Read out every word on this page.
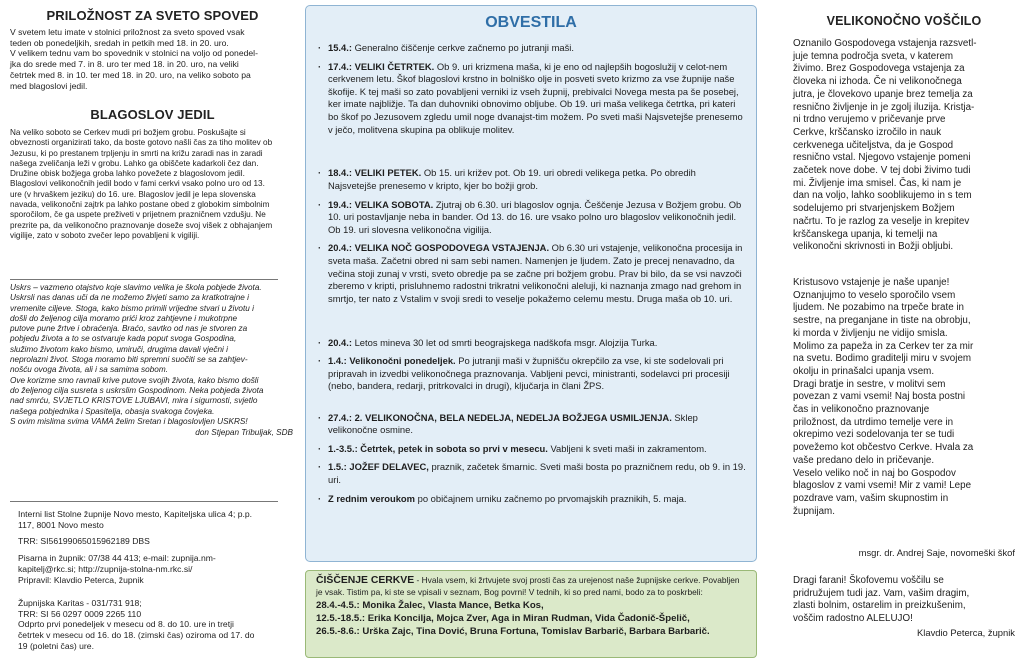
PRILOŽNOST ZA SVETO SPOVED

V svetem letu imate v stolnici priložnost za sveto spoved vsak

teden ob ponedeljkih, sredah in petkih med 18. in 20. uro.

V velikem tednu vam bo spovednik v stolnici na voljo od ponedel-

jka do srede med 7. in 8. uro ter med 18. in 20. uro, na veliki

četrtek med 8. in 10. ter med 18. in 20. uro, na veliko soboto pa

med blagoslovi jedil.

BLAGOSLOV JEDIL

Na veliko soboto se Cerkev mudi pri božjem grobu. Poskušajte si

obveznosti organizirati tako, da boste gotovo našli čas za tiho molitev ob

Jezusu, ki po prestanem trpljenju in smrti na križu zaradi nas in zaradi

našega zveličanja leži v grobu. Lahko ga obiščete kadarkoli čez dan.

Družine obisk božjega groba lahko povežete z blagoslovom jedil.

Blagoslovi velikonočnih jedil bodo v fami cerkvi vsako polno uro od 13.

ure (v hrvaškem jeziku) do 16. ure. Blagoslov jedil je lepa slovenska

navada, velikonočni zajtrk pa lahko postane obed z globokim simbolnim

sporočilom, če ga uspete preživeti v prijetnem prazničnem vzdušju. Ne

prezrite pa, da velikonočno praznovanje doseže svoj višek z obhajanjem

vigilije, zato v soboto zvečer lepo povabljeni k vigiliji.

Uskrs – vazmeno otajstvo koje slavimo velika je škola pobjede života.

Uskrsli nas danas uči da ne možemo živjeti samo za kratkotrajne i

vremenite ciljeve. Stoga, kako bismo primili vrijedne stvari u životu i

došli do željenog cilja moramo prići kroz zahtjevne i mukotrpne

putove pune žrtve i obraćenja. Braćo, savtko od nas je stvoren za

pobjedu života a to se ostvaruje kada poput svoga Gospodina,

služimo životom kako bismo, umiruči, drugima davali vječni i

neprolazni život. Stoga moramo biti spremni suočiti se sa zahtjev-

nošću ovoga života, ali i sa samima sobom.

Ove korizme smo ravnali krive putove svojih života, kako bismo došli

do željenog cilja susreta s uskrslim Gospodinom. Neka pobjeda života

nad smrću, SVJETLO KRISTOVE LJUBAVI, mira i sigurnosti, svjetlo

našega pobjednika i Spasitelja, obasja svakoga čovjeka.

S ovim mislima svima VAMA želim Sretan i blagoslovljen USKRS!

don Stjepan Tribuljak, SDB

Interni list Stolne župnije Novo mesto, Kapiteljska ulica 4; p.p.

117, 8001 Novo mesto

TRR: SI56199065015962189 DBS

Pisarna in župnik: 07/38 44 413; e-mail: zupnija.nm-

kapitelj@rkc.si; http://zupnija-stolna-nm.rkc.si/

Pripravil: Klavdio Peterca, župnik

Župnijska Karitas - 031/731 918;

TRR: SI 56 0297 0009 2265 110

Odprto prvi ponedeljek v mesecu od 8. do 10. ure in tretji

četrtek v mesecu od 16. do 18. (zimski čas) oziroma od 17. do

19 (poletni čas) ure.

OBVESTILA
· 15.4.: Generalno čiščenje cerkve začnemo po jutranji maši.
· 17.4.: VELIKI ČETRTEK. Ob 9. uri krizmena maša, ki je eno od najlepših bogoslužij v celot-nem cerkvenem letu. Škof blagoslovi krstno in bolniško olje in posveti sveto krizmo za vse župnije naše škofije. K tej maši so zato povabljeni verniki iz vseh župnij, prebivalci Novega mesta pa še posebej, ker imate najbližje. Ta dan duhovniki obnovimo obljube. Ob 19. uri maša velikega četrtka, pri kateri bo škof po Jezusovem zgledu umil noge dvanajst-tim možem. Po sveti maši Najsvetejše prenesemo v ječo, molitvena skupina pa oblikuje molitev.
· 18.4.: VELIKI PETEK. Ob 15. uri križev pot. Ob 19. uri obredi velikega petka. Po obredih Najsvetejše prenesemo v kripto, kjer bo božji grob.
· 19.4.: VELIKA SOBOTA. Zjutraj ob 6.30. uri blagoslov ognja. Češčenje Jezusa v Božjem grobu. Ob 10. uri postavljanje neba in bander. Od 13. do 16. ure vsako polno uro blagoslov velikonočnih jedil. Ob 19. uri slovesna velikonočna vigilija.
· 20.4.: VELIKA NOČ GOSPODOVEGA VSTAJENJA. Ob 6.30 uri vstajenje, velikonočna procesija in sveta maša. Začetni obred ni sam sebi namen. Namenjen je ljudem. Zato je precej nenavadno, da večina stoji zunaj v vrsti, sveto obredje pa se začne pri božjem grobu. Prav bi bilo, da se vsi navzoči zberemo v kripti, prisluhnemo radostni trikratni velikonočni aleluji, ki naznanja zmago nad grehom in smrtjo, ter nato z Vstalim v svoji sredi to veselje pokažemo celemu mestu. Druga maša ob 10. uri.
· 20.4.: Letos mineva 30 let od smrti beograjskega nadškofa msgr. Alojzija Turka.
· 1.4.: Velikonočni ponedeljek. Po jutranji maši v župnišču okrepčilo za vse, ki ste sodelovali pri pripravah in izvedbi velikonočnega praznovanja. Vabljeni pevci, ministranti, sodelavci pri procesiji (nebo, bandera, redarji, pritrkovalci in drugi), ključarja in člani ŽPS.
· 27.4.: 2. VELIKONOČNA, BELA NEDELJA, NEDELJA BOŽJEGA USMILJENJA. Sklep velikonočne osmine.
· 1.-3.5.: Četrtek, petek in sobota so prvi v mesecu. Vabljeni k sveti maši in zakramentom.
· 1.5.: JOŽEF DELAVEC, praznik, začetek šmarnic. Sveti maši bosta po prazničnem redu, ob 9. in 19. uri.
· Z rednim veroukom po običajnem urniku začnemo po prvomajskih praznikih, 5. maja.

ČIŠČENJE CERKVE - Hvala vsem, ki žrtvujete svoj prosti čas za urejenost naše župnijske cerkve. Povabljen je vsak. Tistim pa, ki ste se vpisali v seznam, Bog povrni! V tednih, ki so pred nami, bodo za to poskrbeli:

28.4.-4.5.: Monika Žalec, Vlasta Mance, Betka Kos,
12.5.-18.5.: Erika Koncilja, Mojca Zver, Aga in Miran Rudman, Vida Čadonič-Špelič,
26.5.-8.6.: Urška Zajc, Tina Dović, Bruna Fortuna, Tomislav Barbarič, Barbara Barbarič.
VELIKONOČNO VOŠČILO

Oznanilo Gospodovega vstajenja razsvetl-

juje temna področja sveta, v katerem

živimo. Brez Gospodovega vstajenja za

človeka ni izhoda. Če ni velikonočnega

jutra, je človekovo upanje brez temelja za

resnično življenje in je zgolj iluzija. Kristja-

ni trdno verujemo v pričevanje prve

Cerkve, krščansko izročilo in nauk

cerkvenega učiteljstva, da je Gospod

resnično vstal. Njegovo vstajenje pomeni

začetek nove dobe. V tej dobi živimo tudi

mi. Življenje ima smisel. Čas, ki nam je

dan na voljo, lahko sooblikujemo in s tem

sodelujemo pri stvarjenjskem Božjem

načrtu. To je razlog za veselje in krepitev

krščanskega upanja, ki temelji na

velikonočni skrivnosti in Božji obljubi.

Kristusovo vstajenje je naše upanje!

Oznanjujmo to veselo sporočilo vsem

ljudem. Ne pozabimo na trpeče brate in

sestre, na preganjane in tiste na obrobju,

ki morda v življenju ne vidijo smisla.

Molimo za papeža in za Cerkev ter za mir

na svetu. Bodimo graditelji miru v svojem

okolju in prinašalci upanja vsem.

Dragi bratje in sestre, v molitvi sem

povezan z vami vsemi! Naj bosta postni

čas in velikonočno praznovanje

priložnost, da utrdimo temelje vere in

okrepimo vezi sodelovanja ter se tudi

povežemo kot občestvo Cerkve. Hvala za

vaše predano delo in pričevanje.

Veselo veliko noč in naj bo Gospodov

blagoslov z vami vsemi! Mir z vami! Lepe

pozdrave vam, vašim skupnostim in

župnijam.

msgr. dr. Andrej Saje, novomeški škof

Dragi farani! Škofovemu voščilu se

pridružujem tudi jaz. Vam, vašim dragim,

zlasti bolnim, ostarelim in preizkušenim,

voščim radostno ALELUJO!

Klavdio Peterca, župnik
